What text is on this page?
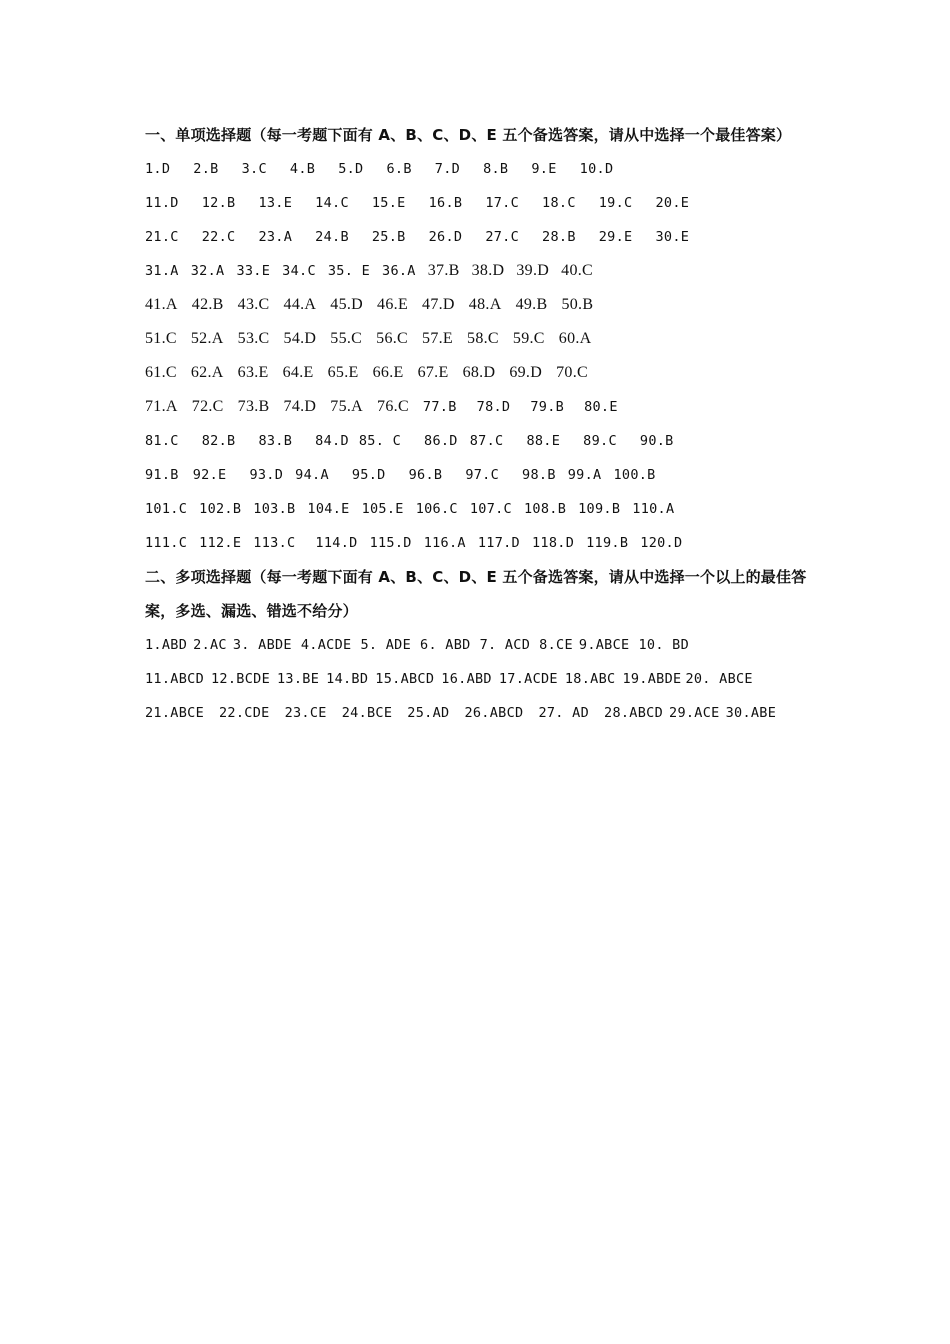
一、单项选择题（每一考题下面有 A、B、C、D、E 五个备选答案，请从中选择一个最佳答案）
1.D 2.B 3.C 4.B 5.D 6.B 7.D 8.B 9.E 10.D
11.D 12.B 13.E 14.C 15.E 16.B 17.C 18.C 19.C 20.E
21.C 22.C 23.A 24.B 25.B 26.D 27.C 28.B 29.E 30.E
31.A 32.A 33.E 34.C 35. E 36.A 37.B 38.D 39.D 40.C
41.A 42.B 43.C 44.A 45.D 46.E 47.D 48.A 49.B 50.B
51.C 52.A 53.C 54.D 55.C 56.C 57.E 58.C 59.C 60.A
61.C 62.A 63.E 64.E 65.E 66.E 67.E 68.D 69.D 70.C
71.A 72.C 73.B 74.D 75.A 76.C 77.B 78.D 79.B 80.E
81.C 82.B 83.B 84.D 85. C 86.D 87.C 88.E 89.C 90.B
91.B 92.E 93.D 94.A 95.D 96.B 97.C 98.B 99.A 100.B
101.C 102.B 103.B 104.E 105.E 106.C 107.C 108.B 109.B 110.A
111.C 112.E 113.C 114.D 115.D 116.A 117.D 118.D 119.B 120.D
二、多项选择题（每一考题下面有 A、B、C、D、E 五个备选答案，请从中选择一个以上的最佳答案，多选、漏选、错选不给分）
1.ABD 2.AC 3. ABDE 4.ACDE 5. ADE 6. ABD 7. ACD 8.CE 9.ABCE 10. BD
11.ABCD 12.BCDE 13.BE 14.BD 15.ABCD 16.ABD 17.ACDE 18.ABC 19.ABDE 20. ABCE
21.ABCE 22.CDE 23.CE 24.BCE 25.AD 26.ABCD 27. AD 28.ABCD 29.ACE 30.ABE
